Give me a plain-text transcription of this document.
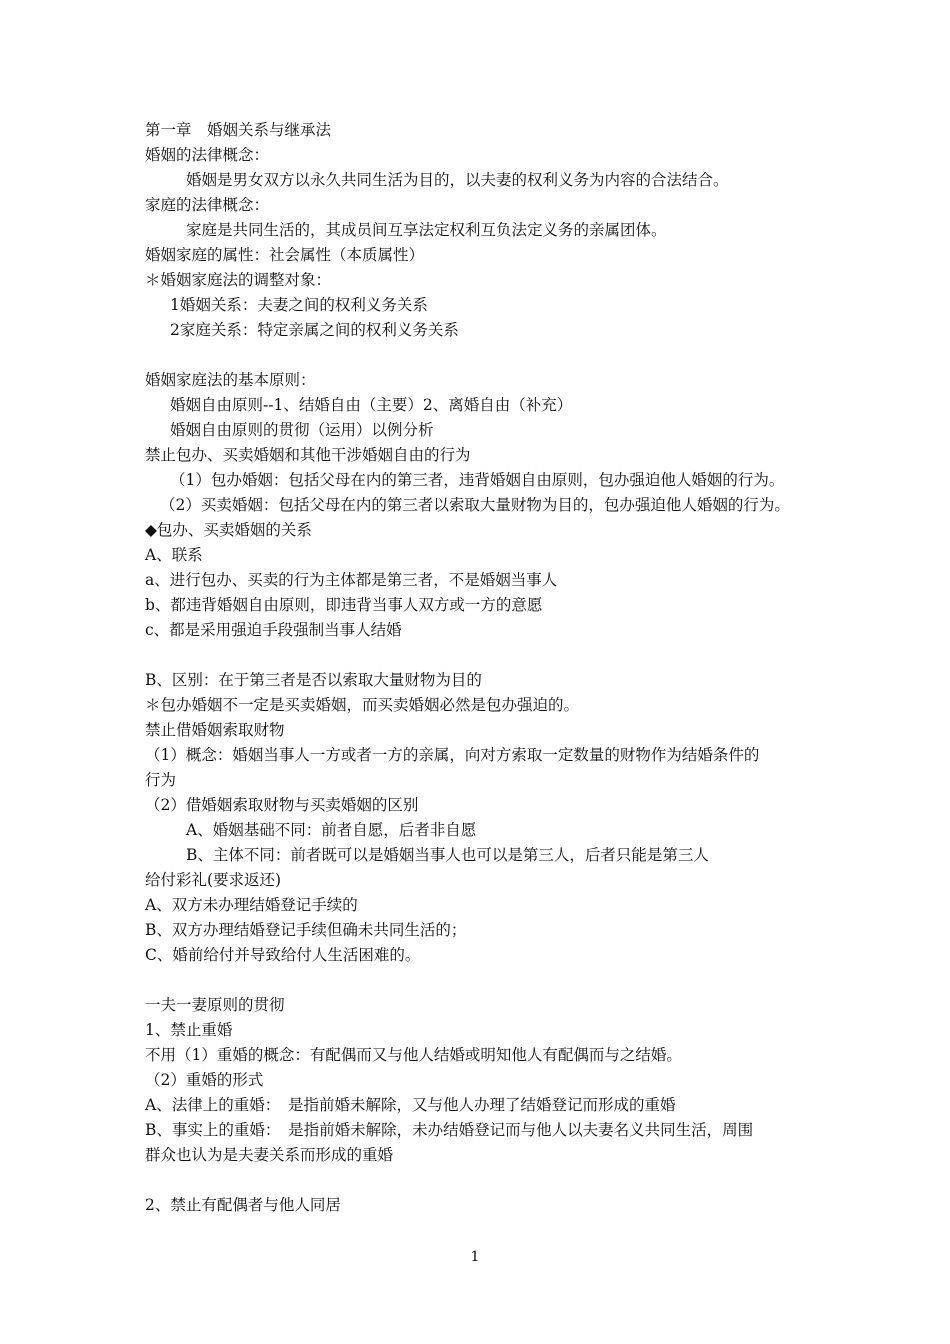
第一章　婚姻关系与继承法
婚姻的法律概念：
婚姻是男女双方以永久共同生活为目的，以夫妻的权利义务为内容的合法结合。
家庭的法律概念：
家庭是共同生活的，其成员间互享法定权利互负法定义务的亲属团体。
婚姻家庭的属性：社会属性（本质属性）
＊婚姻家庭法的调整对象：
1婚姻关系：夫妻之间的权利义务关系
2家庭关系：特定亲属之间的权利义务关系
婚姻家庭法的基本原则：
婚姻自由原则--1、结婚自由（主要）2、离婚自由（补充）
婚姻自由原则的贯彻（运用）以例分析
禁止包办、买卖婚姻和其他干涉婚姻自由的行为
（1）包办婚姻：包括父母在内的第三者，违背婚姻自由原则，包办强迫他人婚姻的行为。
（2）买卖婚姻：包括父母在内的第三者以索取大量财物为目的，包办强迫他人婚姻的行为。
◆包办、买卖婚姻的关系
A、联系
a、进行包办、买卖的行为主体都是第三者，不是婚姻当事人
b、都违背婚姻自由原则，即违背当事人双方或一方的意愿
c、都是采用强迫手段强制当事人结婚
B、区别：在于第三者是否以索取大量财物为目的
＊包办婚姻不一定是买卖婚姻，而买卖婚姻必然是包办强迫的。
禁止借婚姻索取财物
（1）概念：婚姻当事人一方或者一方的亲属，向对方索取一定数量的财物作为结婚条件的
行为
（2）借婚姻索取财物与买卖婚姻的区别
A、婚姻基础不同：前者自愿，后者非自愿
B、主体不同：前者既可以是婚姻当事人也可以是第三人，后者只能是第三人
给付彩礼(要求返还)
A、双方未办理结婚登记手续的
B、双方办理结婚登记手续但确未共同生活的；
C、婚前给付并导致给付人生活困难的。
一夫一妻原则的贯彻
1、禁止重婚
不用（1）重婚的概念：有配偶而又与他人结婚或明知他人有配偶而与之结婚。
（2）重婚的形式
A、法律上的重婚：　是指前婚未解除，又与他人办理了结婚登记而形成的重婚
B、事实上的重婚：　是指前婚未解除，未办结婚登记而与他人以夫妻名义共同生活，周围
群众也认为是夫妻关系而形成的重婚
2、禁止有配偶者与他人同居
1
